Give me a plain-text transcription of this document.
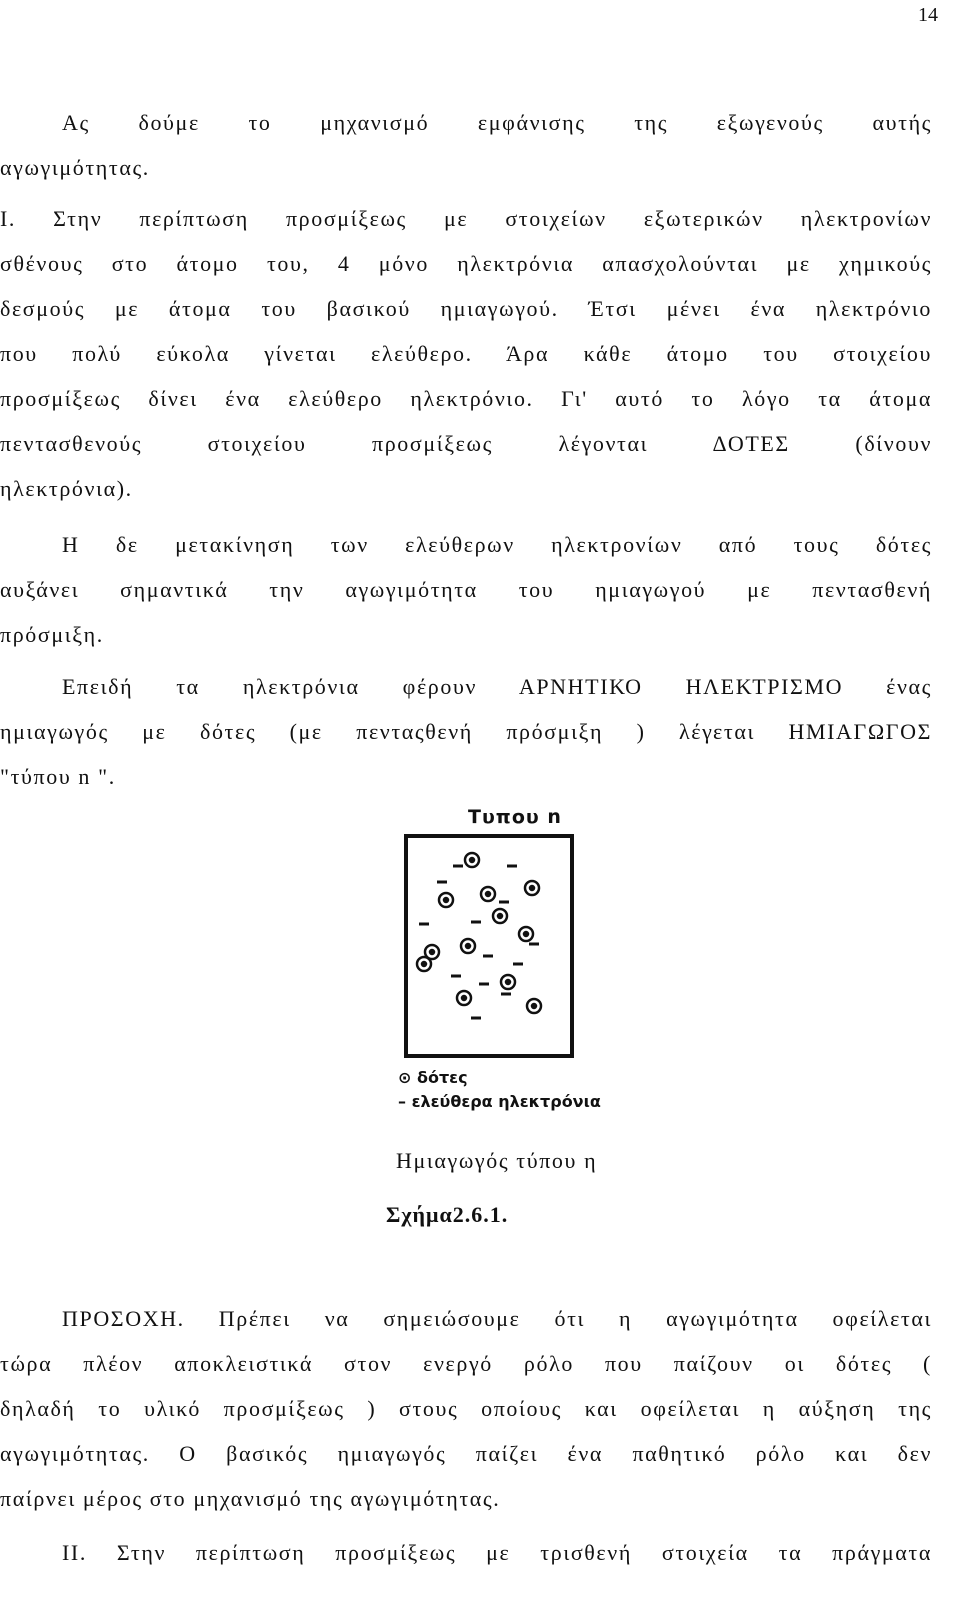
14
Ας δούμε το μηχανισμό εμφάνισης της εξωγενούς αυτής
αγωγιμότητας.
Ι. Στην περίπτωση προσμίξεως με στοιχείων εξωτερικών ηλεκτρονίων
σθένους στο άτομο του, 4 μόνο ηλεκτρόνια απασχολούνται με χημικούς
δεσμούς με άτομα του βασικού ημιαγωγού. Έτσι μένει ένα ηλεκτρόνιο
που πολύ εύκολα γίνεται ελεύθερο. Άρα κάθε άτομο του στοιχείου
προσμίξεως δίνει ένα ελεύθερο ηλεκτρόνιο. Γι' αυτό το λόγο τα άτομα
πεντασθενούς στοιχείου προσμίξεως λέγονται ΔΟΤΕΣ (δίνουν
ηλεκτρόνια).
Η δε μετακίνηση των ελεύθερων ηλεκτρονίων από τους δότες
αυξάνει σημαντικά την αγωγιμότητα του ημιαγωγού με πεντασθενή
πρόσμιξη.
Επειδή τα ηλεκτρόνια φέρουν ΑΡΝΗΤΙΚΟ ΗΛΕΚΤΡΙΣΜΟ ένας
ημιαγωγός με δότες (με πενταςθενή πρόσμιξη ) λέγεται ΗΜΙΑΓΩΓΟΣ
"τύπου n ".
Τυπου n
⊙ δότες
– ελεύθερα ηλεκτρόνια
Ημιαγωγός τύπου η
Σχήμα2.6.1.
ΠΡΟΣΟΧΗ. Πρέπει να σημειώσουμε ότι η αγωγιμότητα οφείλεται
τώρα πλέον αποκλειστικά στον ενεργό ρόλο που παίζουν οι δότες (
δηλαδή το υλικό προσμίξεως ) στους οποίους και οφείλεται η αύξηση της
αγωγιμότητας. Ο βασικός ημιαγωγός παίζει ένα παθητικό ρόλο και δεν
παίρνει μέρος στο μηχανισμό της αγωγιμότητας.
ΙΙ. Στην περίπτωση προσμίξεως με τρισθενή στοιχεία τα πράγματα
